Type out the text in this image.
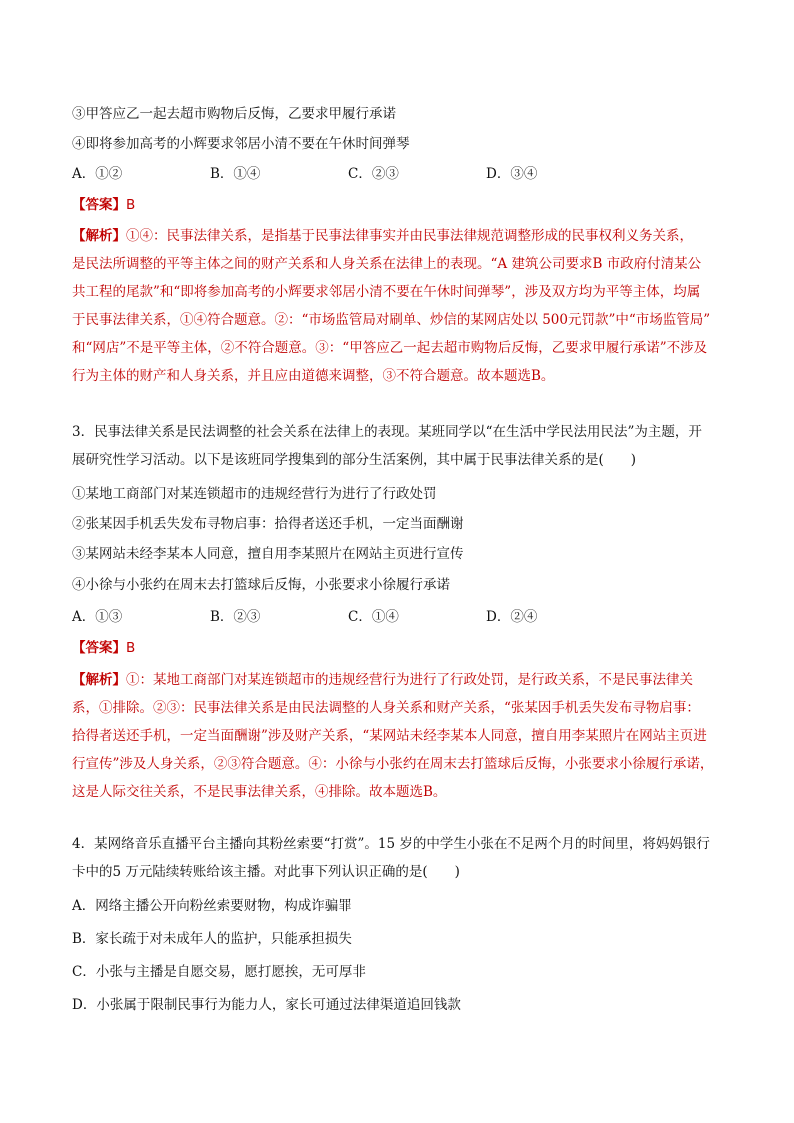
③甲答应乙一起去超市购物后反悔，乙要求甲履行承诺
④即将参加高考的小辉要求邻居小清不要在午休时间弹琴
A．①②	B．①④	C．②③	D．③④
【答案】B
【解析】①④：民事法律关系，是指基于民事法律事实并由民事法律规范调整形成的民事权利义务关系，
是民法所调整的平等主体之间的财产关系和人身关系在法律上的表现。“A 建筑公司要求B 市政府付清某公
共工程的尾款”和“即将参加高考的小辉要求邻居小清不要在午休时间弹琴”，涉及双方均为平等主体，均属
于民事法律关系，①④符合题意。②：“市场监管局对刷单、炒信的某网店处以 500元罚款”中“市场监管局”
和“网店”不是平等主体，②不符合题意。③：“甲答应乙一起去超市购物后反悔，乙要求甲履行承诺”不涉及
行为主体的财产和人身关系，并且应由道德来调整，③不符合题意。故本题选B。
3．民事法律关系是民法调整的社会关系在法律上的表现。某班同学以“在生活中学民法用民法”为主题，开
展研究性学习活动。以下是该班同学搜集到的部分生活案例，其中属于民事法律关系的是(　　)
①某地工商部门对某连锁超市的违规经营行为进行了行政处罚
②张某因手机丢失发布寻物启事：拾得者送还手机，一定当面酬谢
③某网站未经李某本人同意，擅自用李某照片在网站主页进行宣传
④小徐与小张约在周末去打篮球后反悔，小张要求小徐履行承诺
A．①③	B．②③	C．①④	D．②④
【答案】B
【解析】①：某地工商部门对某连锁超市的违规经营行为进行了行政处罚，是行政关系，不是民事法律关
系，①排除。②③：民事法律关系是由民法调整的人身关系和财产关系，“张某因手机丢失发布寻物启事：
拾得者送还手机，一定当面酬谢”涉及财产关系，“某网站未经李某本人同意，擅自用李某照片在网站主页进
行宣传”涉及人身关系，②③符合题意。④：小徐与小张约在周末去打篮球后反悔，小张要求小徐履行承诺，
这是人际交往关系，不是民事法律关系，④排除。故本题选B。
4．某网络音乐直播平台主播向其粉丝索要“打赏”。15 岁的中学生小张在不足两个月的时间里，将妈妈银行
卡中的5 万元陆续转账给该主播。对此事下列认识正确的是(　　)
A．网络主播公开向粉丝索要财物，构成诈骗罪
B．家长疏于对未成年人的监护，只能承担损失
C．小张与主播是自愿交易，愿打愿挨，无可厚非
D．小张属于限制民事行为能力人，家长可通过法律渠道追回钱款
